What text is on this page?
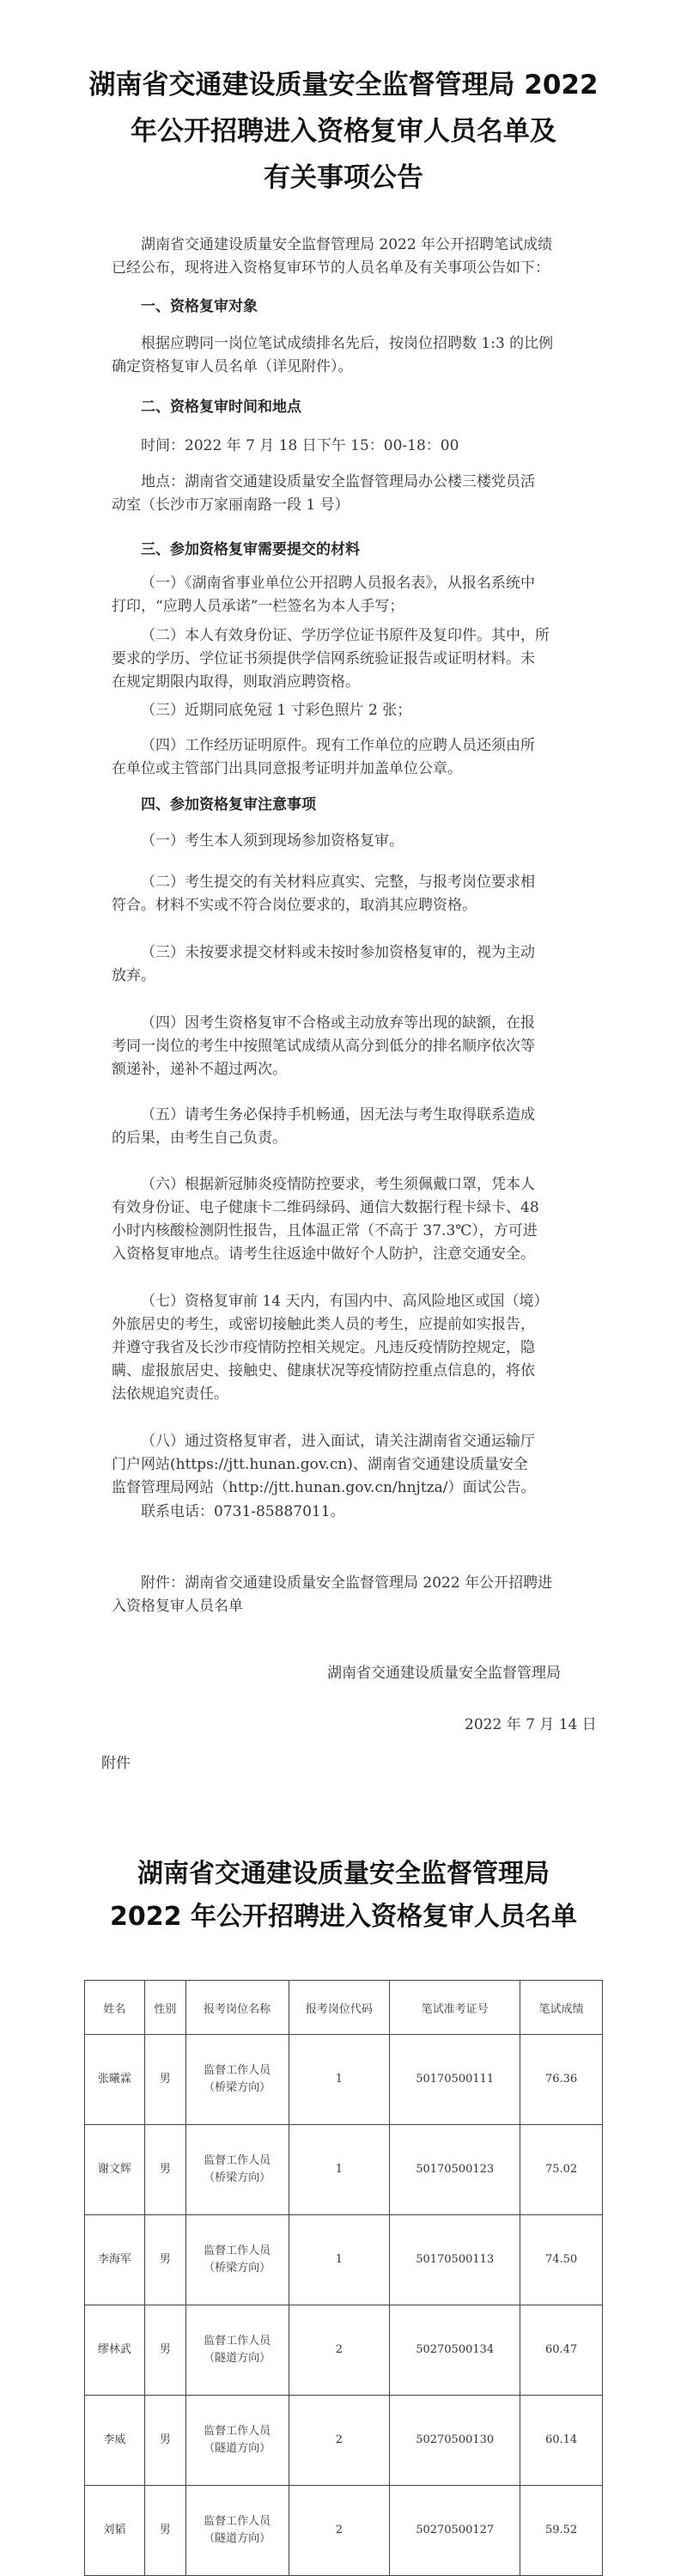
湖南省交通建设质量安全监督管理局 2022
年公开招聘进入资格复审人员名单及
有关事项公告

湖南省交通建设质量安全监督管理局 2022 年公开招聘笔试成绩
已经公布，现将进入资格复审环节的人员名单及有关事项公告如下：

一、资格复审对象

根据应聘同一岗位笔试成绩排名先后，按岗位招聘数 1:3 的比例
确定资格复审人员名单（详见附件）。

二、资格复审时间和地点

时间：2022 年 7 月 18 日下午 15：00-18：00

地点：湖南省交通建设质量安全监督管理局办公楼三楼党员活
动室（长沙市万家丽南路一段 1 号）

三、参加资格复审需要提交的材料

（一）《湖南省事业单位公开招聘人员报名表》，从报名系统中
打印，“应聘人员承诺”一栏签名为本人手写；

（二）本人有效身份证、学历学位证书原件及复印件。其中，所
要求的学历、学位证书须提供学信网系统验证报告或证明材料。未
在规定期限内取得，则取消应聘资格。

（三）近期同底免冠 1 寸彩色照片 2 张；

（四）工作经历证明原件。现有工作单位的应聘人员还须由所
在单位或主管部门出具同意报考证明并加盖单位公章。

四、参加资格复审注意事项

（一）考生本人须到现场参加资格复审。

（二）考生提交的有关材料应真实、完整，与报考岗位要求相
符合。材料不实或不符合岗位要求的，取消其应聘资格。

（三）未按要求提交材料或未按时参加资格复审的，视为主动
放弃。

（四）因考生资格复审不合格或主动放弃等出现的缺额，在报
考同一岗位的考生中按照笔试成绩从高分到低分的排名顺序依次等
额递补，递补不超过两次。

（五）请考生务必保持手机畅通，因无法与考生取得联系造成
的后果，由考生自己负责。

（六）根据新冠肺炎疫情防控要求，考生须佩戴口罩，凭本人
有效身份证、电子健康卡二维码绿码、通信大数据行程卡绿卡、48
小时内核酸检测阴性报告，且体温正常（不高于 37.3℃），方可进
入资格复审地点。请考生往返途中做好个人防护，注意交通安全。

（七）资格复审前 14 天内，有国内中、高风险地区或国（境）
外旅居史的考生，或密切接触此类人员的考生，应提前如实报告，
并遵守我省及长沙市疫情防控相关规定。凡违反疫情防控规定，隐
瞒、虚报旅居史、接触史、健康状况等疫情防控重点信息的，将依
法依规追究责任。

（八）通过资格复审者，进入面试，请关注湖南省交通运输厅
门户网站(https://jtt.hunan.gov.cn)、湖南省交通建设质量安全
监督管理局网站（http://jtt.hunan.gov.cn/hnjtza/）面试公告。

联系电话：0731-85887011。

附件：湖南省交通建设质量安全监督管理局 2022 年公开招聘进
入资格复审人员名单

湖南省交通建设质量安全监督管理局
2022 年 7 月 14 日
附件
湖南省交通建设质量安全监督管理局
2022 年公开招聘进入资格复审人员名单
姓名	性别	报考岗位名称	报考岗位代码	笔试准考证号	笔试成绩
张曦霖	男	监督工作人员
（桥梁方向）	1	50170500111	76.36
谢文辉	男	监督工作人员
（桥梁方向）	1	50170500123	75.02
李海军	男	监督工作人员
（桥梁方向）	1	50170500113	74.50
缪林武	男	监督工作人员
（隧道方向）	2	50270500134	60.47
李威	男	监督工作人员
（隧道方向）	2	50270500130	60.14
刘韬	男	监督工作人员
（隧道方向）	2	50270500127	59.52
